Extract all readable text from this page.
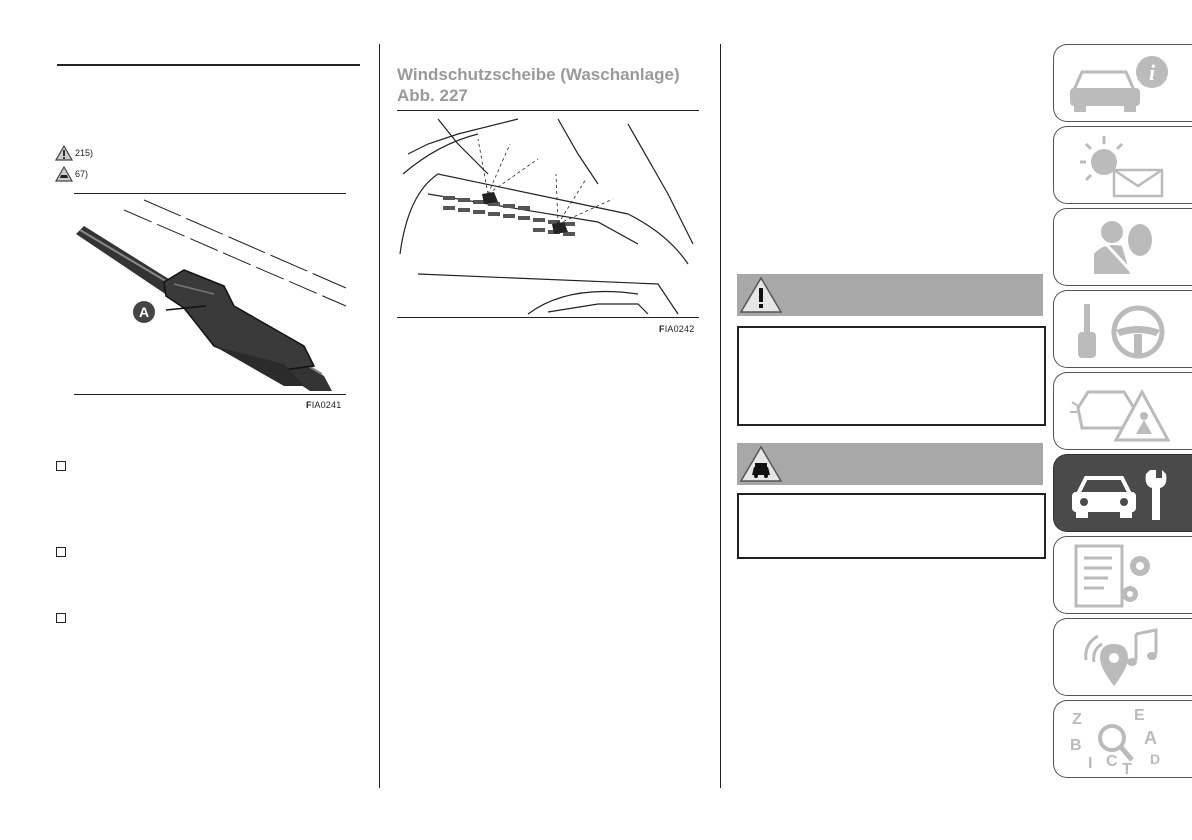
215)
67)
A
FIA0241
Windschutzscheibe (Waschanlage)
Abb. 227
FIA0242
i
Z	E
A
B
C
I T
D
